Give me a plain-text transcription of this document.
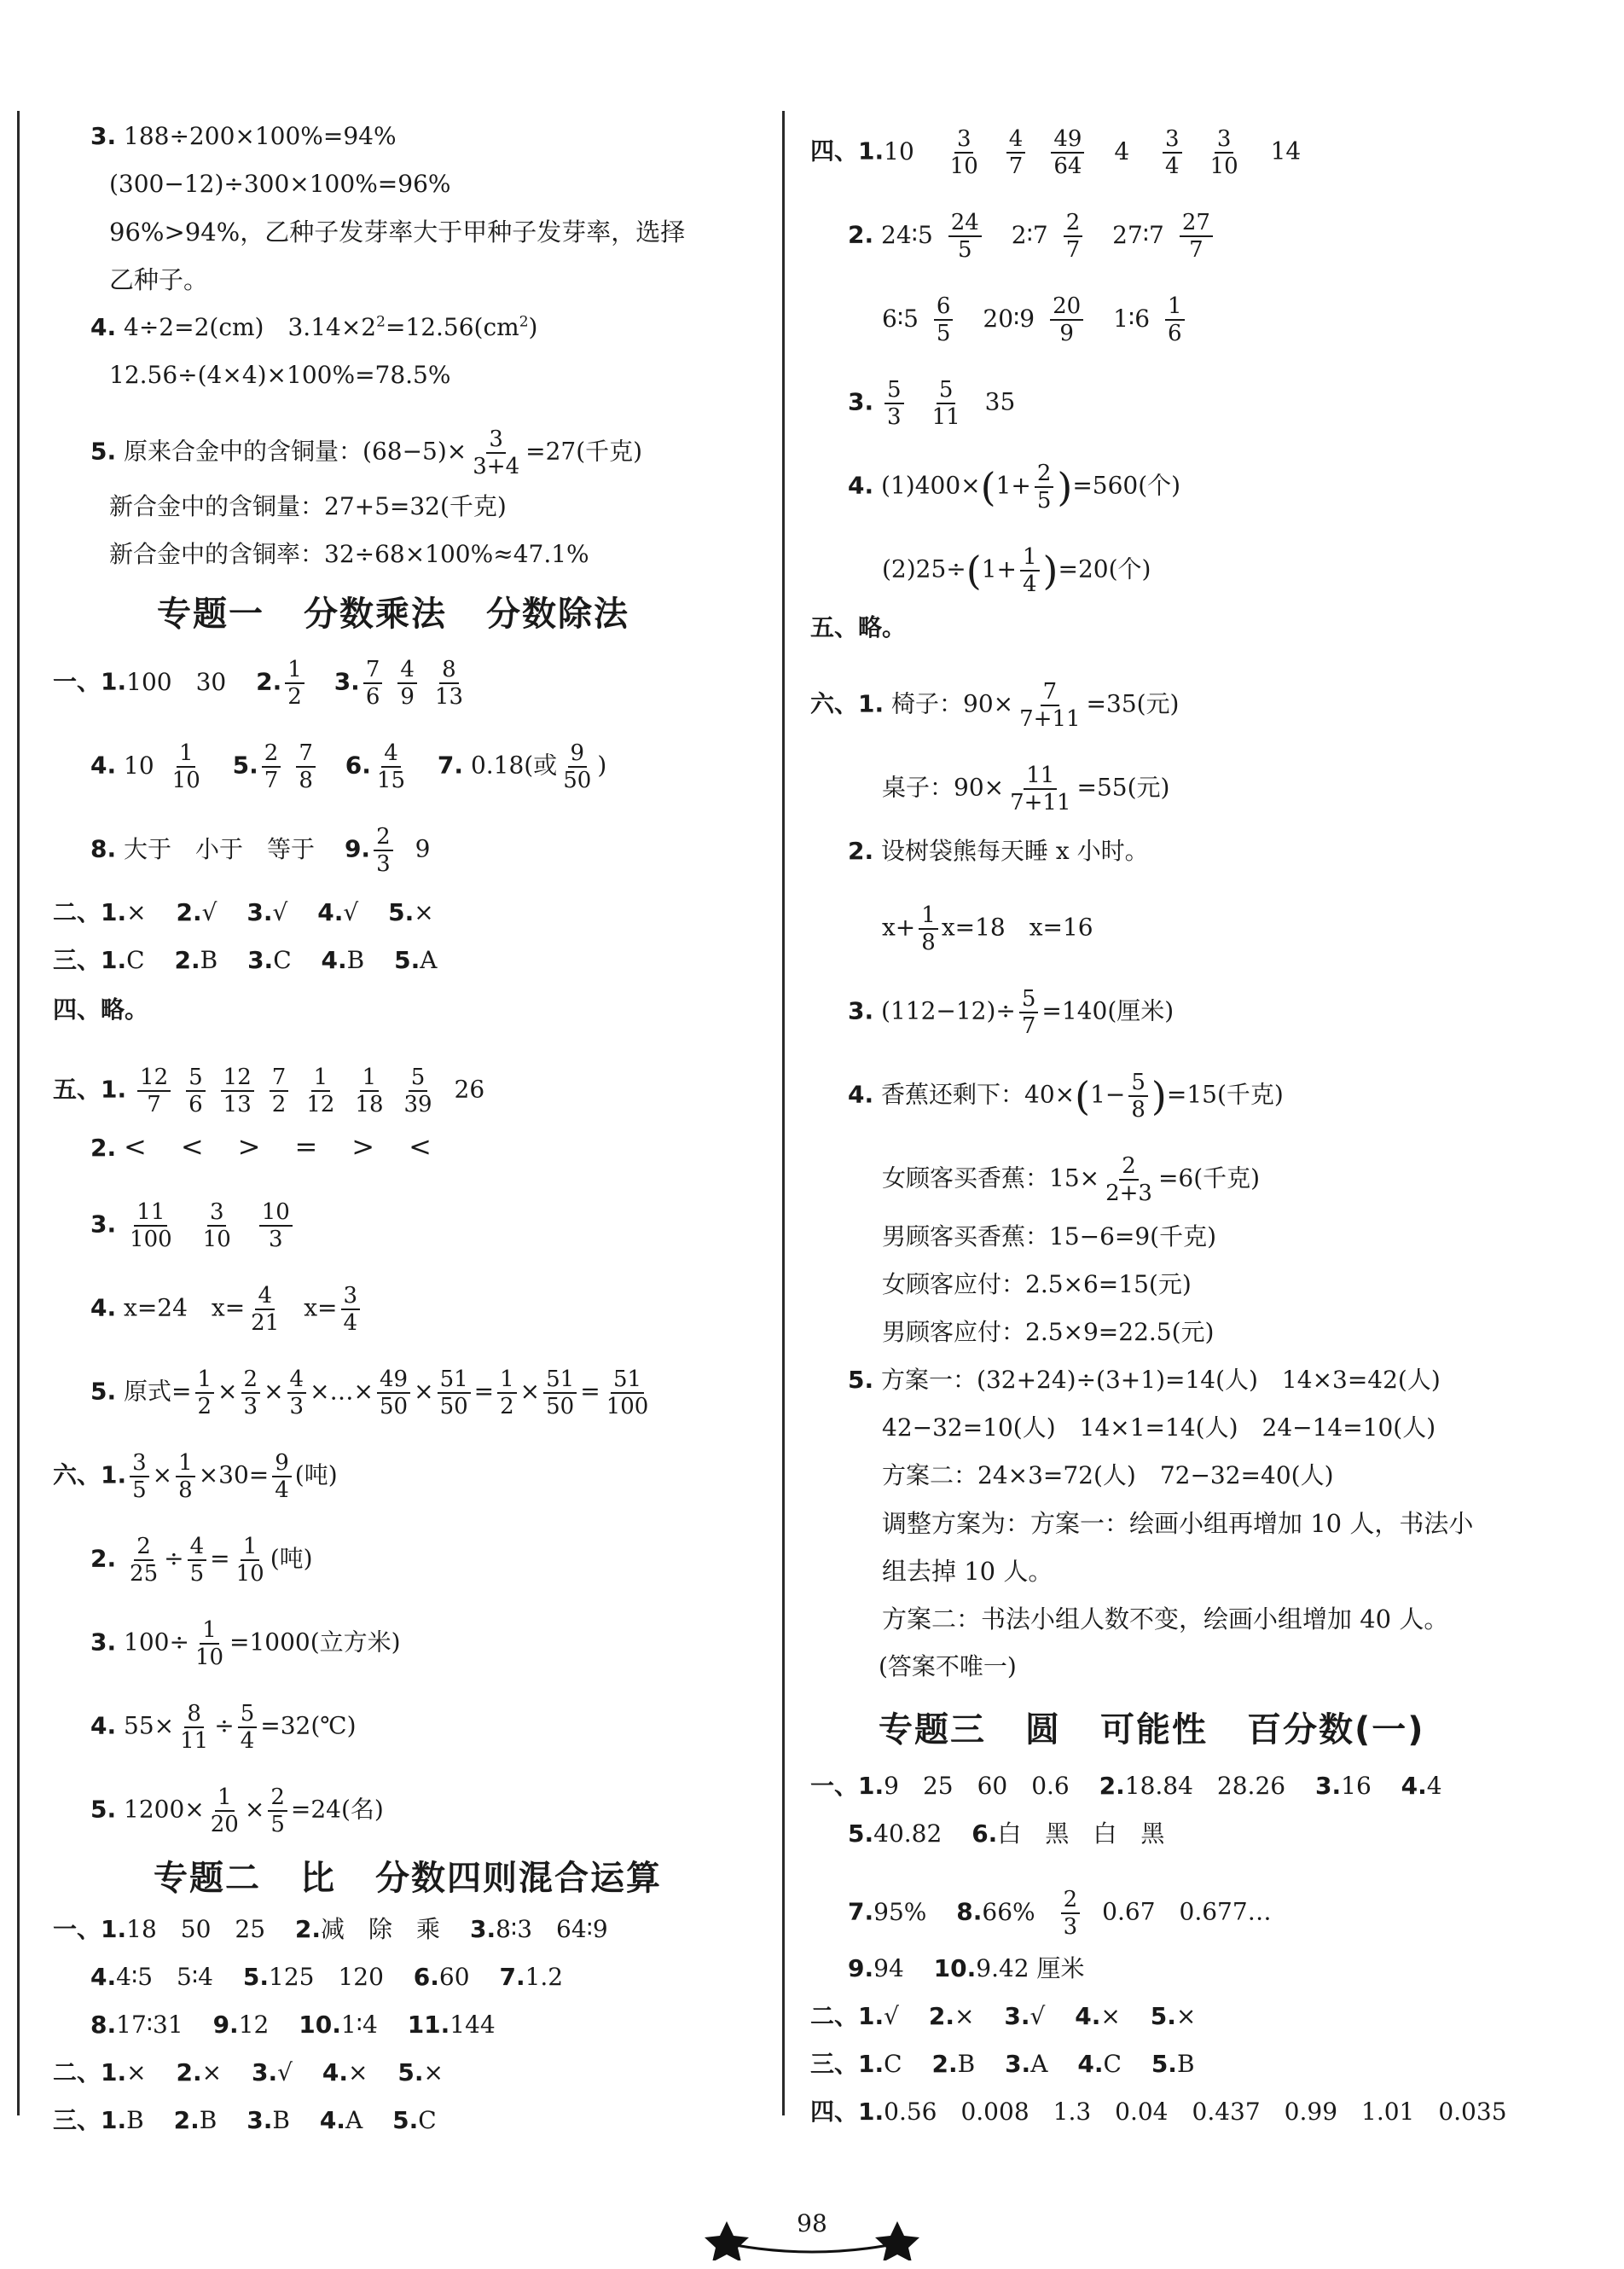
3. 188÷200×100%=94%
(300−12)÷300×100%=96%
96%>94%，乙种子发芽率大于甲种子发芽率，选择
乙种子。
4. 4÷2=2(cm)　$3.14\times 2^2=12.56(cm^2)$
12.56÷(4×4)×100%=78.5%
5. 原来合金中的含铜量：$(68-5)\times \frac{3}{3+4} =27$(千克)
新合金中的含铜量：27+5=32(千克)
新合金中的含铜率：32÷68×100%≈47.1%
专题一 分数乘法 分数除法
一、1.100　30 2. $\frac{1}{2} 3$. $\frac{7}{6} \frac{4}{9} \frac{8}{13}$
4. $10 \frac{1}{10} 5$. $\frac{2}{7} \frac{7}{8} 6$. $\frac{4}{15} 7$. 0.18(或 $\frac{9}{50}$ )
8. 大于　小于　等于 9. $\frac{2}{3} 9$
二、1.× 2.√ 3.√ 4.√ 5.×
三、1.C 2.B 3.C 4.B 5.A
四、略。
五、1. $\frac{12}{7} \frac{5}{6} \frac{12}{13} \frac{7}{2} \frac{1}{12} \frac{1}{18} \frac{5}{39} 26$
2. <　<　>　=　>　<
3. $\frac{11}{100} \frac{3}{10} \frac{10}{3}$
4. x=24　$x= \frac{4}{21} x= \frac{3}{4}$
5. 原式= $\frac{1}{2} \times \frac{2}{3} \times \frac{4}{3}$ ×…× $\frac{49}{50} \times \frac{51}{50} = \frac{1}{2} \times \frac{51}{50} = \frac{51}{100}$
六、1. $\frac{3}{5} \times \frac{1}{8} \times 30= \frac{9}{4}$ (吨)
2. $\frac{2}{25} \div \frac{4}{5} = \frac{1}{10}$ (吨)
3. $100\div \frac{1}{10} =1000$(立方米)
4. $55\times \frac{8}{11} \div \frac{5}{4}$ =32(℃)
5. $1200\times \frac{1}{20} \times \frac{2}{5} =24$(名)
专题二 比 分数四则混合运算
一、1.18　50　25 2.减　除　乘 3.8∶3　64∶9
4.4∶5　5∶4 5.125　120 6.60 7.1.2
8.17∶31 9.12 10.1∶4 11.144
二、1.× 2.× 3.√ 4.× 5.×
三、1.B 2.B 3.B 4.A 5.C
四、$1.10 \frac{3}{10} \frac{4}{7} \frac{49}{64} 4 \frac{3}{4} \frac{3}{10} 14$
2. 24∶5 $\frac{24}{5}$ 2∶7 $\frac{2}{7}$ 27∶7 $\frac{27}{7}$
6∶5 $\frac{6}{5}$ 20∶9 $\frac{20}{9}$ 1∶6 $\frac{1}{6}$
3. $\frac{5}{3} \frac{5}{11} 35$
4. $(1)400\times(1+ \frac{2}{5} )=560$(个)
$(2)25\div(1+ \frac{1}{4} )=20$(个)
五、略。
六、1. 椅子：$90\times \frac{7}{7+11} =35$(元)
桌子：$90\times \frac{11}{7+11} =55$(元)
2. 设树袋熊每天睡 x 小时。
$x+ \frac{1}{8} x=18$　x=16
3. $(112-12)\div \frac{5}{7} =140$(厘米)
4. 香蕉还剩下：$40\times(1- \frac{5}{8} )=15$(千克)
女顾客买香蕉：$15\times \frac{2}{2+3} =6$(千克)
男顾客买香蕉：15−6=9(千克)
女顾客应付：2.5×6=15(元)
男顾客应付：2.5×9=22.5(元)
5. 方案一：(32+24)÷(3+1)=14(人)　14×3=42(人)
42−32=10(人)　14×1=14(人)　24−14=10(人)
方案二：24×3=72(人)　72−32=40(人)
调整方案为：方案一：绘画小组再增加 10 人，书法小
组去掉 10 人。
方案二：书法小组人数不变，绘画小组增加 40 人。
(答案不唯一)
专题三 圆 可能性 百分数(一)
一、1.9　25　60　0.6 2.18.84　28.26 3.16 4.4
5.40.82 6.白　黑　白　黑
7.95% $8.66\% \frac{2}{3} 0.67$　0.677…
9.94 10.9.42 厘米
二、1.√ 2.× 3.√ 4.× 5.×
三、1.C 2.B 3.A 4.C 5.B
四、1.0.56　0.008　1.3　0.04　0.437　0.99　1.01　0.035
98
